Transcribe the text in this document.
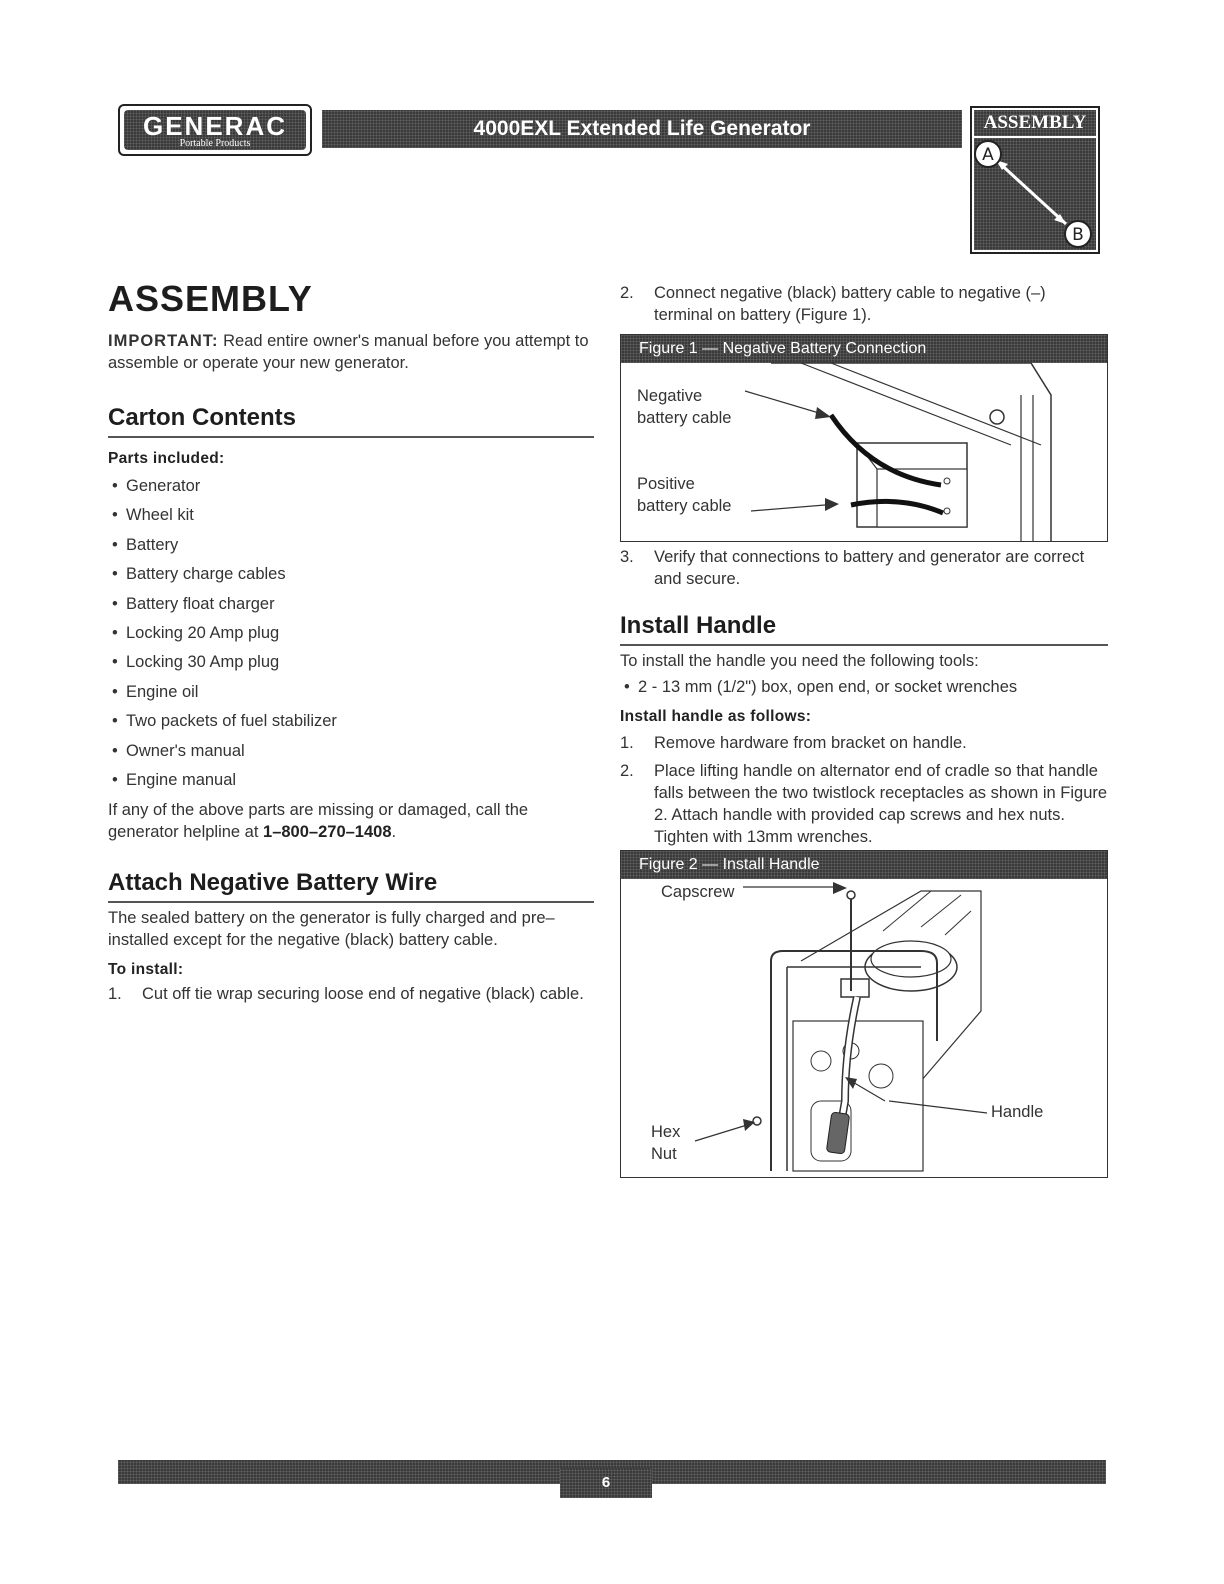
GENERAC
Portable Products
4000EXL Extended Life Generator	ASSEMBLY
A
B
ASSEMBLY

IMPORTANT: Read entire owner's manual before you attempt to assemble or operate your new generator.

Carton Contents
Parts included:
• Generator
• Wheel kit
• Battery
• Battery charge cables
• Battery float charger
• Locking 20 Amp plug
• Locking 30 Amp plug
• Engine oil
• Two packets of fuel stabilizer
• Owner's manual
• Engine manual

If any of the above parts are missing or damaged, call the generator helpline at 1–800–270–1408.

Attach Negative Battery Wire

The sealed battery on the generator is fully charged and pre–installed except for the negative (black) battery cable.

To install:
1.	Cut off tie wrap securing loose end of negative (black) cable.
2.	Connect negative (black) battery cable to negative (–) terminal on battery (Figure 1).
Figure 1 — Negative Battery Connection
Negative
battery cable
Positive
battery cable
3.	Verify that connections to battery and generator are correct and secure.
Install Handle

To install the handle you need the following tools:

• 2 - 13 mm (1/2") box, open end, or socket wrenches
Install handle as follows:
1.	Remove hardware from bracket on handle.
2.	Place lifting handle on alternator end of cradle so that handle falls between the two twistlock receptacles as shown in Figure 2. Attach handle with provided cap screws and hex nuts. Tighten with 13mm wrenches.
Figure 2 — Install Handle
Capscrew
Handle
Hex
Nut
6
